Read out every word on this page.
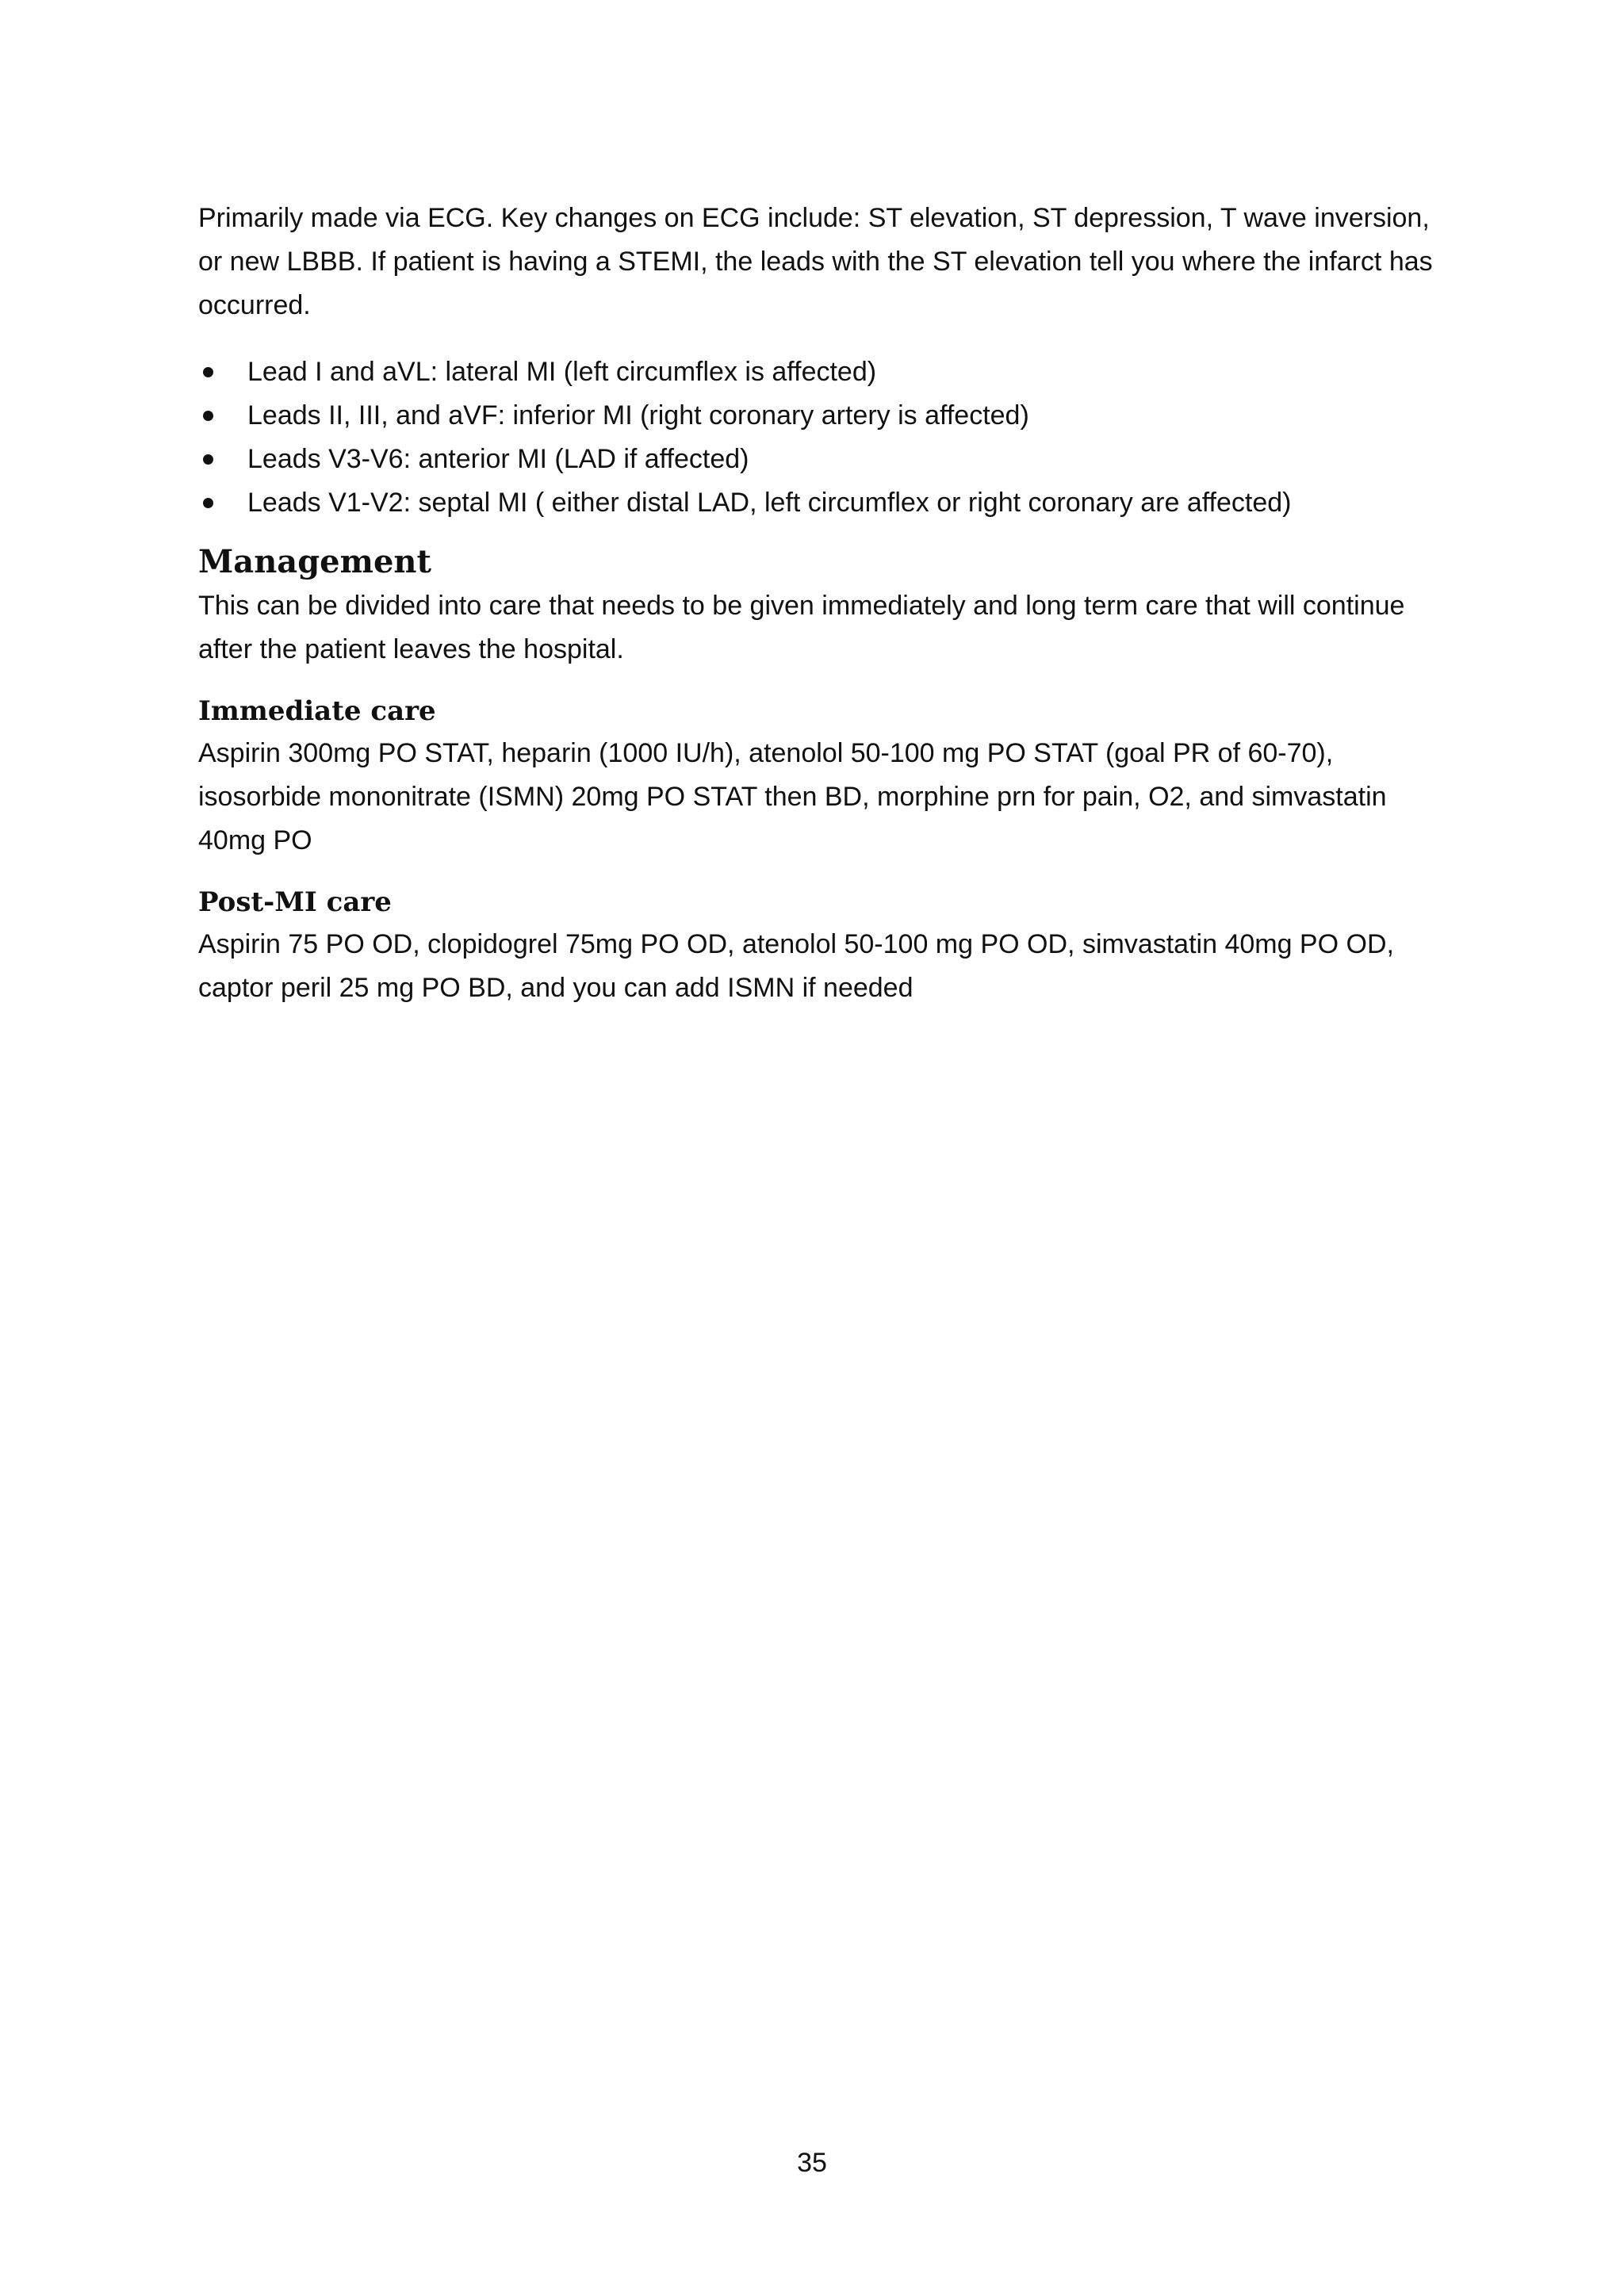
Primarily made via ECG. Key changes on ECG include: ST elevation, ST depression, T wave inversion, or new LBBB. If patient is having a STEMI, the leads with the ST elevation tell you where the infarct has occurred.

Lead I and aVL: lateral MI (left circumflex is affected)
Leads II, III, and aVF: inferior MI (right coronary artery is affected)
Leads V3-V6: anterior MI (LAD if affected)
Leads V1-V2: septal MI ( either distal LAD, left circumflex or right coronary are affected)
Management

This can be divided into care that needs to be given immediately and long term care that will continue after the patient leaves the hospital.

Immediate care

Aspirin 300mg PO STAT, heparin (1000 IU/h), atenolol 50-100 mg PO STAT (goal PR of 60-70), isosorbide mononitrate (ISMN) 20mg PO STAT then BD, morphine prn for pain, O2, and simvastatin 40mg PO

Post-MI care

Aspirin 75 PO OD, clopidogrel 75mg PO OD, atenolol 50-100 mg PO OD, simvastatin 40mg PO OD, captor peril 25 mg PO BD, and you can add ISMN if needed

35
